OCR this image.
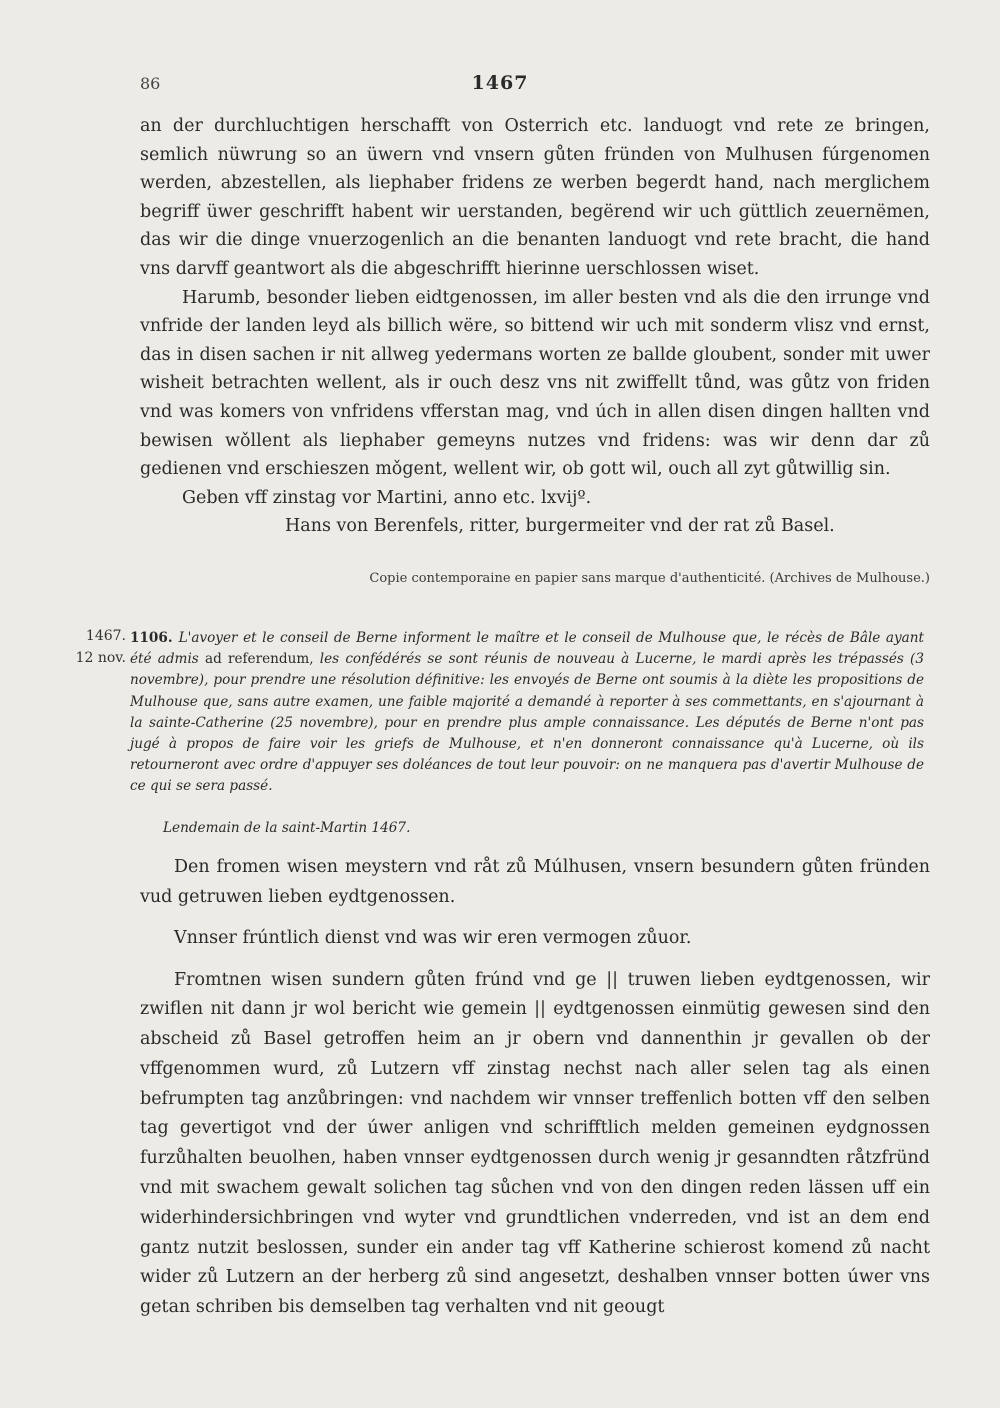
86	1467

an der durchluchtigen herschafft von Osterrich etc. landuogt vnd rete ze bringen, semlich nüwrung so an üwern vnd vnsern gůten fründen von Mulhusen fúrgenomen werden, abzestellen, als liephaber fridens ze werben begerdt hand, nach merglichem begriff üwer geschrifft habent wir uerstanden, begërend wir uch güttlich zeuernëmen, das wir die dinge vnuerzogenlich an die benanten landuogt vnd rete bracht, die hand vns darvff geantwort als die abgeschrifft hierinne uerschlossen wiset.

Harumb, besonder lieben eidtgenossen, im aller besten vnd als die den irrunge vnd vnfride der landen leyd als billich wëre, so bittend wir uch mit sonderm vlisz vnd ernst, das in disen sachen ir nit allweg yedermans worten ze ballde gloubent, sonder mit uwer wisheit betrachten wellent, als ir ouch desz vns nit zwiffellt tůnd, was gůtz von friden vnd was komers von vnfridens vfferstan mag, vnd úch in allen disen dingen hallten vnd bewisen wǒllent als liephaber gemeyns nutzes vnd fridens: was wir denn dar zů gedienen vnd erschieszen mǒgent, wellent wir, ob gott wil, ouch all zyt gůtwillig sin.

Geben vff zinstag vor Martini, anno etc. lxvijº.

Hans von Berenfels, ritter, burgermeiter vnd der rat zů Basel.

Copie contemporaine en papier sans marque d'authenticité. (Archives de Mulhouse.)
1467.
12 nov.

1106. L'avoyer et le conseil de Berne informent le maître et le conseil de Mulhouse que, le récès de Bâle ayant été admis ad referendum, les confédérés se sont réunis de nouveau à Lucerne, le mardi après les trépassés (3 novembre), pour prendre une résolution définitive: les envoyés de Berne ont soumis à la diète les propositions de Mulhouse que, sans autre examen, une faible majorité a demandé à reporter à ses commettants, en s'ajournant à la sainte-Catherine (25 novembre), pour en prendre plus ample connaissance. Les députés de Berne n'ont pas jugé à propos de faire voir les griefs de Mulhouse, et n'en donneront connaissance qu'à Lucerne, où ils retourneront avec ordre d'appuyer ses doléances de tout leur pouvoir: on ne manquera pas d'avertir Mulhouse de ce qui se sera passé.

Lendemain de la saint-Martin 1467.

Den fromen wisen meystern vnd råt zů Múlhusen, vnsern besundern gůten fründen vud getruwen lieben eydtgenossen.

Vnnser frúntlich dienst vnd was wir eren vermogen zůuor.

Fromtnen wisen sundern gůten frúnd vnd ge || truwen lieben eydtgenossen, wir zwiflen nit dann jr wol bericht wie gemein || eydtgenossen einmütig gewesen sind den abscheid zů Basel getroffen heim an jr obern vnd dannenthin jr gevallen ob der vffgenommen wurd, zů Lutzern vff zinstag nechst nach aller selen tag als einen befrumpten tag anzůbringen: vnd nachdem wir vnnser treffenlich botten vff den selben tag gevertigot vnd der úwer anligen vnd schrifftlich melden gemeinen eydgnossen furzůhalten beuolhen, haben vnnser eydtgenossen durch wenig jr gesanndten råtzfründ vnd mit swachem gewalt solichen tag sůchen vnd von den dingen reden lässen uff ein widerhindersichbringen vnd wyter vnd grundtlichen vnderreden, vnd ist an dem end gantz nutzit beslossen, sunder ein ander tag vff Katherine schierost komend zů nacht wider zů Lutzern an der herberg zů sind angesetzt, deshalben vnnser botten úwer vns getan schriben bis demselben tag verhalten vnd nit geougt
